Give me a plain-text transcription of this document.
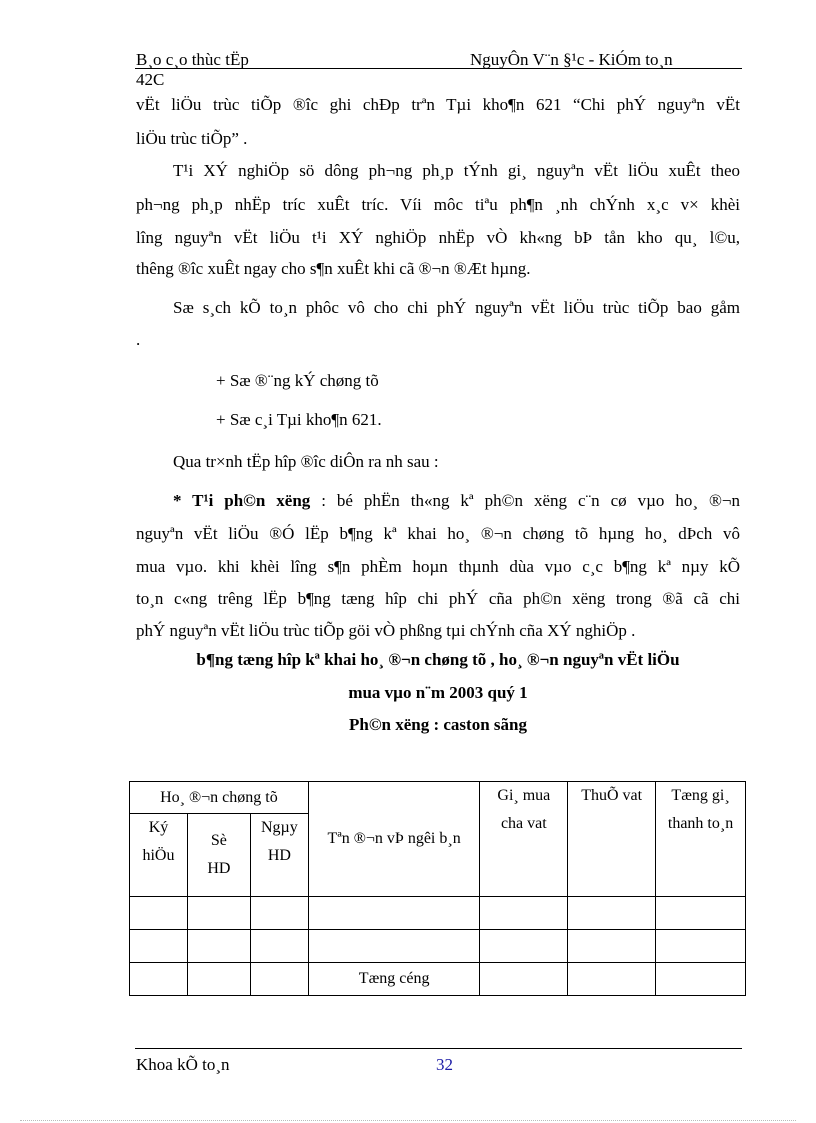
B¸o c¸o thùc tËp	NguyÔn V¨n §¹c - KiÓm to¸n
42C
vËt liÖu trùc tiÕp ®îc ghi chÐp trªn Tµi kho¶n 621 “Chi phÝ nguyªn vËt
liÖu trùc tiÕp” .
T¹i XÝ nghiÖp sö dông ph¬ng ph¸p tÝnh gi¸ nguyªn vËt liÖu xuÊt theo
ph¬ng ph¸p nhËp tríc xuÊt tríc. Víi môc tiªu ph¶n ¸nh chÝnh x¸c v× khèi
lîng nguyªn vËt liÖu t¹i XÝ nghiÖp nhËp vÒ kh«ng bÞ tån kho qu¸ l©u,
thêng ®îc xuÊt ngay cho s¶n xuÊt khi cã ®¬n ®Æt hµng.
Sæ s¸ch kÕ to¸n phôc vô cho chi phÝ nguyªn vËt liÖu trùc tiÕp bao gåm
.
+ Sæ ®¨ng kÝ chøng tõ
+ Sæ c¸i Tµi kho¶n 621.
Qua tr×nh tËp hîp ®îc diÔn ra nh sau :
* T¹i ph©n xëng : bé phËn th«ng kª ph©n xëng c¨n cø vµo ho¸ ®¬n
nguyªn vËt liÖu ®Ó lËp b¶ng kª khai ho¸ ®¬n chøng tõ hµng ho¸ dÞch vô
mua vµo. khi khèi lîng s¶n phÈm hoµn thµnh dùa vµo c¸c b¶ng kª nµy kÕ
to¸n c«ng trêng lËp b¶ng tæng hîp chi phÝ cña ph©n xëng trong ®ã cã chi
phÝ nguyªn vËt liÖu trùc tiÕp göi vÒ phßng tµi chÝnh cña XÝ nghiÖp .
b¶ng tæng hîp kª khai ho¸ ®¬n chøng tõ , ho¸ ®¬n nguyªn vËt liÖu
mua vµo n¨m 2003 quý 1
Ph©n xëng : caston sãng
Ho¸ ®¬n chøng tõ			Tªn ®¬n vÞ ngêi b¸n	Gi¸ mua cha vat	ThuÕ vat	Tæng gi¸ thanh to¸n
Ký hiÖu	Sè HD	Ngµy HD				

			Tæng céng			
Khoa kÕ to¸n	32
